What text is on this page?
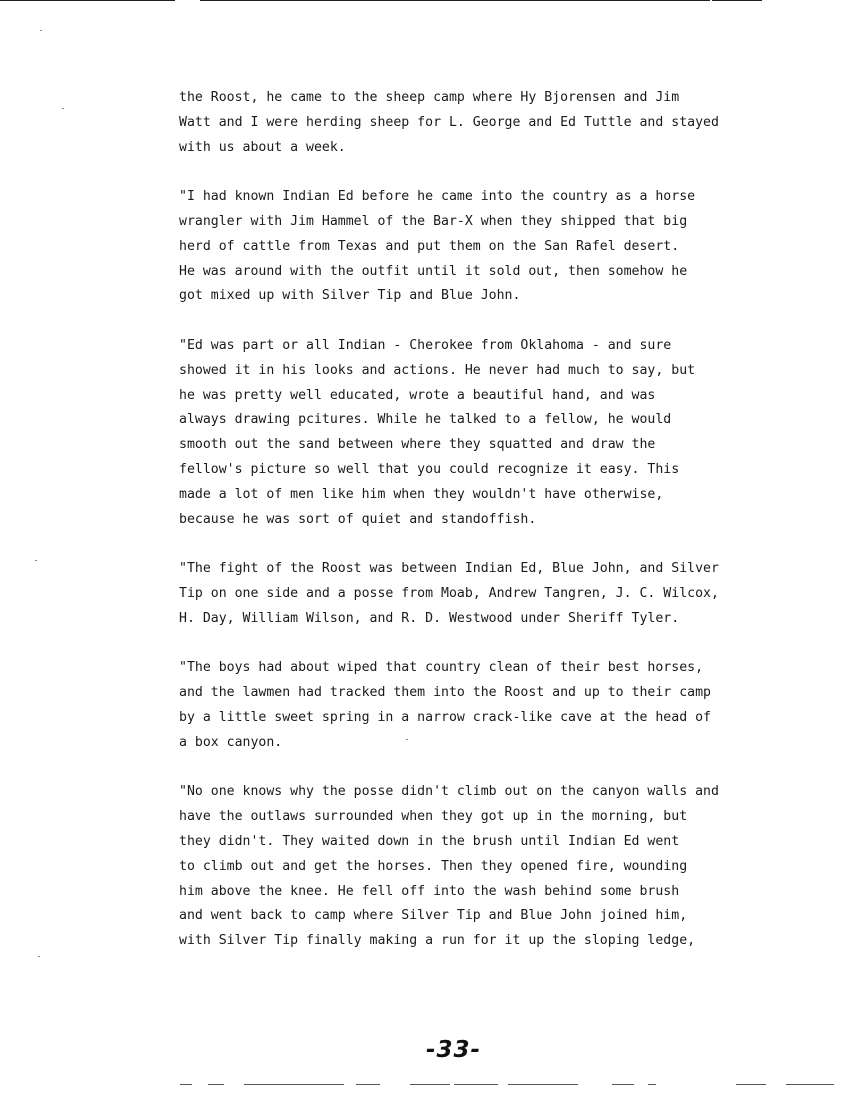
the Roost, he came to the sheep camp where Hy Bjorensen and Jim
Watt and I were herding sheep for L. George and Ed Tuttle and stayed
with us about a week.

"I had known Indian Ed before he came into the country as a horse
wrangler with Jim Hammel of the Bar-X when they shipped that big
herd of cattle from Texas and put them on the San Rafel desert.
He was around with the outfit until it sold out, then somehow he
got mixed up with Silver Tip and Blue John.

"Ed was part or all Indian - Cherokee from Oklahoma - and sure
showed it in his looks and actions. He never had much to say, but
he was pretty well educated, wrote a beautiful hand, and was
always drawing pcitures. While he talked to a fellow, he would
smooth out the sand between where they squatted and draw the
fellow's picture so well that you could recognize it easy. This
made a lot of men like him when they wouldn't have otherwise,
because he was sort of quiet and standoffish.

"The fight of the Roost was between Indian Ed, Blue John, and Silver
Tip on one side and a posse from Moab, Andrew Tangren, J. C. Wilcox,
H. Day, William Wilson, and R. D. Westwood under Sheriff Tyler.

"The boys had about wiped that country clean of their best horses,
and the lawmen had tracked them into the Roost and up to their camp
by a little sweet spring in a narrow crack-like cave at the head of
a box canyon.

"No one knows why the posse didn't climb out on the canyon walls and
have the outlaws surrounded when they got up in the morning, but
they didn't. They waited down in the brush until Indian Ed went
to climb out and get the horses. Then they opened fire, wounding
him above the knee. He fell off into the wash behind some brush
and went back to camp where Silver Tip and Blue John joined him,
with Silver Tip finally making a run for it up the sloping ledge,

-33-
